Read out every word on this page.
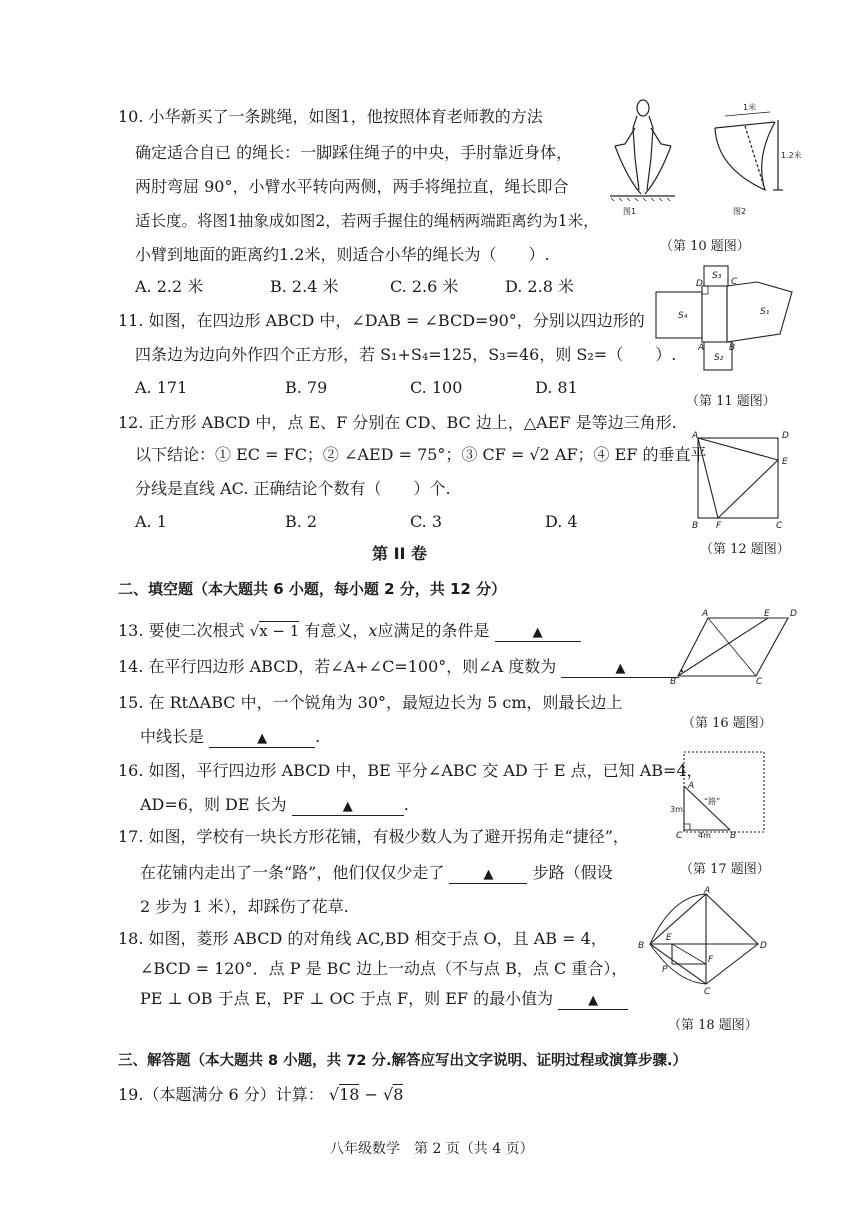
10. 小华新买了一条跳绳，如图1，他按照体育老师教的方法
确定适合自已 的绳长：一脚踩住绳子的中央，手肘靠近身体，
两肘弯屈 90°，小臂水平转向两侧，两手将绳拉直，绳长即合
适长度。将图1抽象成如图2，若两手握住的绳柄两端距离约为1米，
小臂到地面的距离约1.2米，则适合小华的绳长为（　　）.
A. 2.2 米	B. 2.4 米	C. 2.6 米	D. 2.8 米
图1	图2
1米
1.2米
（第 10 题图）
11. 如图，在四边形 ABCD 中，∠DAB = ∠BCD=90°，分别以四边形的
四条边为边向外作四个正方形，若 S₁+S₄=125，S₃=46，则 S₂=（　　）.
A. 171	B. 79	C. 100	D. 81
S₄
S₃
S₁
S₂
A	B
C
D
（第 11 题图）
12. 正方形 ABCD 中，点 E、F 分别在 CD、BC 边上，△AEF 是等边三角形.
以下结论：① EC = FC；② ∠AED = 75°；③ CF = √2 AF；④ EF 的垂直平
分线是直线 AC. 正确结论个数有（　　）个.
A. 1	B. 2	C. 3	D. 4
A	D
E
B F	C
（第 12 题图）
第 II 卷
二、填空题（本大题共 6 小题，每小题 2 分，共 12 分）
13. 要使二次根式 √x − 1 有意义，x应满足的条件是	▲
14. 在平行四边形 ABCD，若∠A+∠C=100°，则∠A 度数为	▲	.
15. 在 RtΔABC 中，一个锐角为 30°，最短边长为 5 cm，则最长边上
中线长是	▲	.
A	E D
B	C
（第 16 题图）
16. 如图，平行四边形 ABCD 中，BE 平分∠ABC 交 AD 于 E 点，已知 AB=4，
AD=6，则 DE 长为	▲	.
17. 如图，学校有一块长方形花铺，有极少数人为了避开拐角走“捷径”，
在花铺内走出了一条“路”，他们仅仅少走了	▲ 步路（假设
2 步为 1 米），却踩伤了花草.
A
C	B
“路”
3m
4m
（第 17 题图）
18. 如图，菱形 ABCD 的对角线 AC,BD 相交于点 O，且 AB = 4，
∠BCD = 120°．点 P 是 BC 边上一动点（不与点 B，点 C 重合），
PE ⊥ OB 于点 E，PF ⊥ OC 于点 F，则 EF 的最小值为	▲
A
B	D
C
E
F
P
（第 18 题图）
三、解答题（本大题共 8 小题，共 72 分.解答应写出文字说明、证明过程或演算步骤.）
19.（本题满分 6 分）计算： √18 − √8
八年级数学　第 2 页（共 4 页）
